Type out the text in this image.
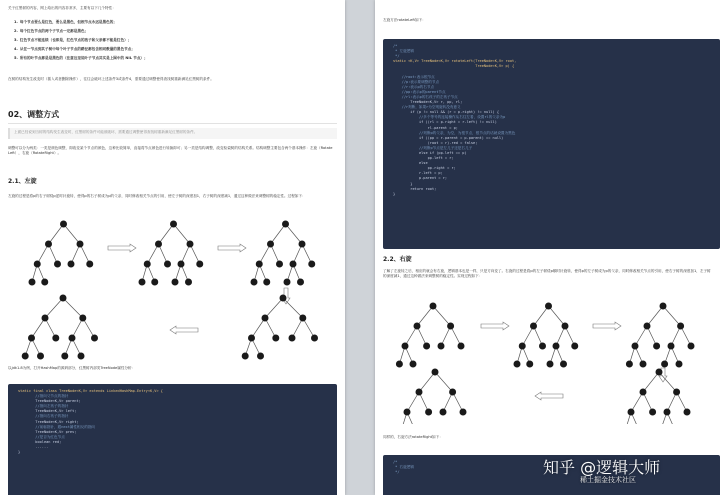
关于红黑树的内容，网上给出的内容非常多，主要有以下几个特性：
1. 每个节点要么是红色，要么是黑色，但根节点永远是黑色的；
2. 每个红色节点的两个子节点一定都是黑色；
3. 红色节点不能连续（也即是，红色节点的孩子和父亲都不能是红色）；
4. 从任一节点到其子树中每个叶子节点的路径都包含相同数量的黑色节点；
5. 所有的叶节点都是是黑色的（注意这里说叶子节点其实是上图中的 NIL 节点）；
在树的结构发生改变时（插入或者删除操作），往往会破坏上述条件3或条件4，需要通过调整使得查找树重新满足红黑树的条件。
02、调整方式
上面已经说到当树的结构发生改变时，红黑树的条件可能被破坏，需要通过调整使得查找树重新满足红黑树的条件。
调整可以分为两类：一类是颜色调整，即改变某个节点的颜色，这种比较简单，直接将节点颜色进行转换即可；另一类是结构调整，改变检索树的结构关系。结构调整主要包含两个基本操作：左旋（Rotate Left），右旋（RotateRight）。
2.1、左旋
左旋的过程是将p的右子树绕p逆时针旋转，使得p的右子树成为p的父亲，同时修改相关节点的引用，使左子树的深度加1，右子树的深度减1，通过这种做法来调整树的稳定性。过程如下：
以jdk1.8为例，打开HashMap的源码部分，红黑树内部类TreeNode属性分析：
static final class TreeNode<K,V> extends LinkedHashMap.Entry<K,V> {
//指向父节点的指针
TreeNode<K,V> parent;
//指向左孩子的指针
TreeNode<K,V> left;
//指向右孩子的指针
TreeNode<K,V> right;
//前驱指针，跟next属性相反的指向
TreeNode<K,V> prev;
//是否为红色节点
boolean red;
......
}
左旋方法rotateLeft如下：
/*
* 左旋逻辑
*/
static <K,V> TreeNode<K,V> rotateLeft(TreeNode<K,V> root,
TreeNode<K,V> p) {

//root:表示根节点
//p:表示要调整的节点
//r:表示p的右节点
//pp:表示p的parent节点
//rl:表示p的右孩子的左孩子节点
TreeNode<K,V> r, pp, rl;
//r判断，如果r为空则旋转没有意义
if (p != null && (r = p.right) != null) {
//多个等号的连接操作从右往左看，设置rl的父亲为p
if ((rl = p.right = r.left) != null)
rl.parent = p;
//判断p的父亲，为空，为根节点，根节点的话就设置为黑色
if ((pp = r.parent = p.parent) == null)
(root = r).red = false;
//判断p节点是左儿子还是右儿子
else if (pp.left == p)
pp.left = r;
else
pp.right = r;
r.left = p;
p.parent = r;
}
return root;
}
2.2、右旋
了解了左旋转之后，相应的就会有右旋，逻辑基本也是一样，只是方向变了。右旋的过程是将p的左子树绕p顺时针旋转，使得p的左子树成为p的父亲，同时修改相关节点的引用，使右子树的深度加1，左子树的深度减1，通过这种做法来调整树的稳定性。实现过程如下：
同样的，右旋方法rotateRight如下：
/*
* 右旋逻辑
*/	知乎 @逻辑大师
稀土掘金技术社区
